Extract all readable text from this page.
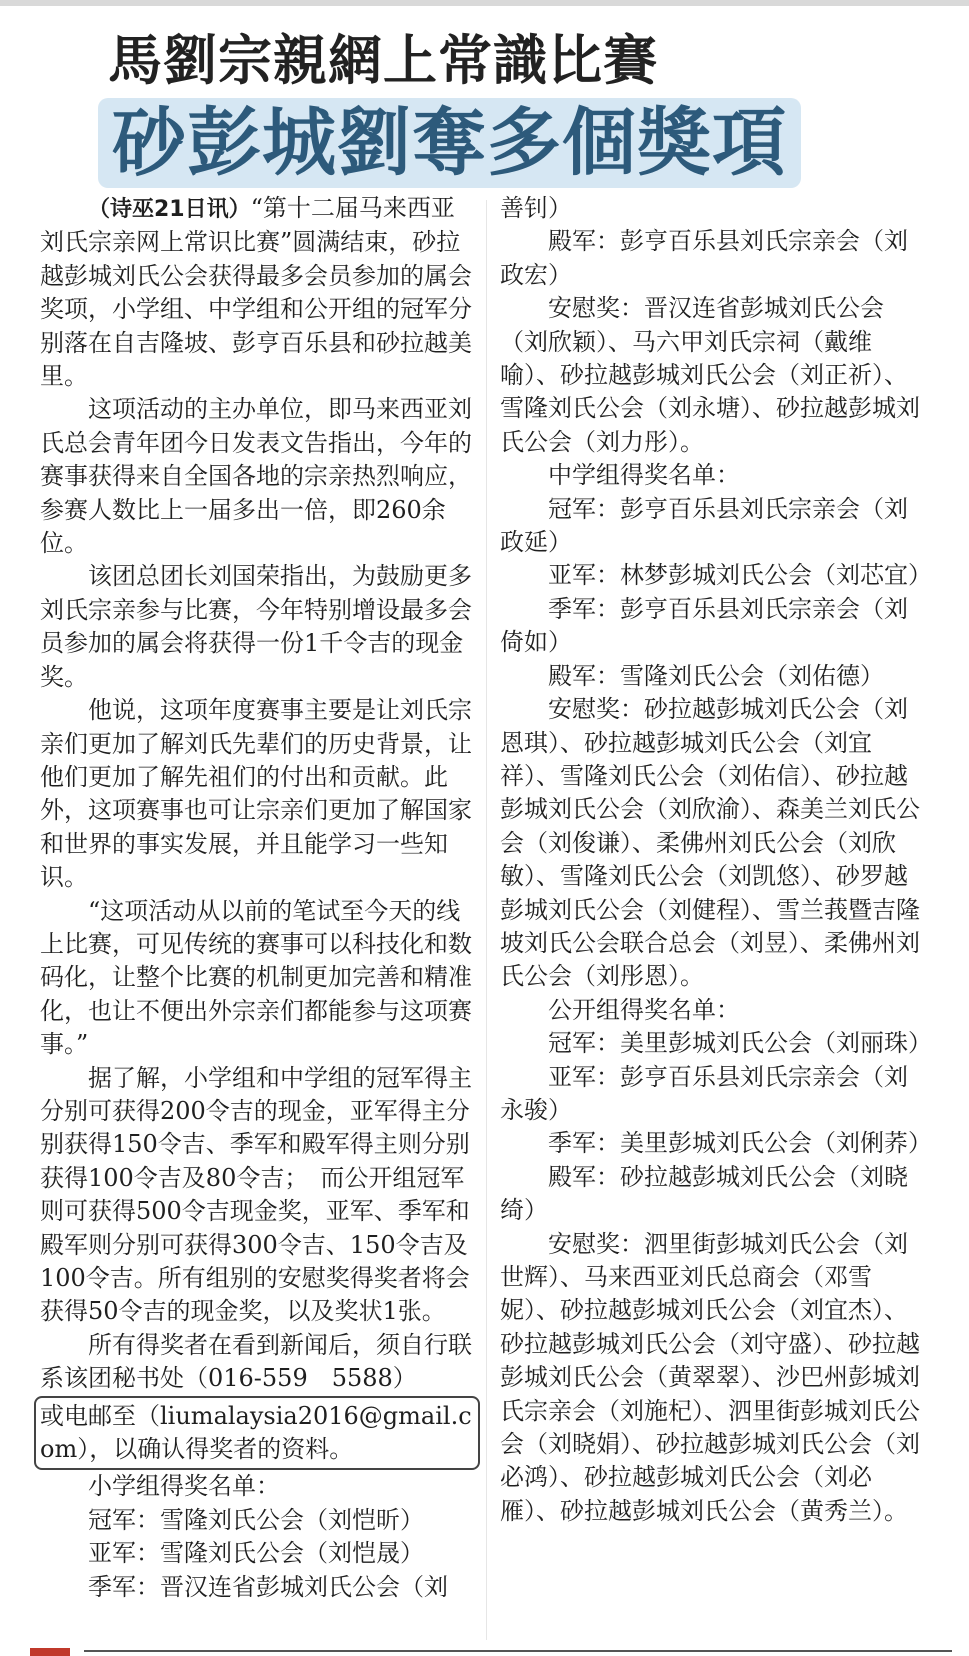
馬劉宗親網上常識比賽
砂彭城劉奪多個獎項

（诗巫21日讯）“第十二届马来西亚刘氏宗亲网上常识比赛”圆满结束，砂拉越彭城刘氏公会获得最多会员参加的属会奖项，小学组、中学组和公开组的冠军分别落在自吉隆坡、彭亨百乐县和砂拉越美里。

这项活动的主办单位，即马来西亚刘氏总会青年团今日发表文告指出，今年的赛事获得来自全国各地的宗亲热烈响应，参赛人数比上一届多出一倍，即260余位。

该团总团长刘国荣指出，为鼓励更多刘氏宗亲参与比赛，今年特别增设最多会员参加的属会将获得一份1千令吉的现金奖。

他说，这项年度赛事主要是让刘氏宗亲们更加了解刘氏先辈们的历史背景，让他们更加了解先祖们的付出和贡献。此外，这项赛事也可让宗亲们更加了解国家和世界的事实发展，并且能学习一些知识。

“这项活动从以前的笔试至今天的线上比赛，可见传统的赛事可以科技化和数码化，让整个比赛的机制更加完善和精准化，也让不便出外宗亲们都能参与这项赛事。”

据了解，小学组和中学组的冠军得主分别可获得200令吉的现金，亚军得主分别获得150令吉、季军和殿军得主则分别获得100令吉及80令吉；　而公开组冠军则可获得500令吉现金奖，亚军、季军和殿军则分别可获得300令吉、150令吉及100令吉。所有组别的安慰奖得奖者将会获得50令吉的现金奖，以及奖状1张。

所有得奖者在看到新闻后，须自行联系该团秘书处（016-559　5588）

或电邮至（liumalaysia2016@gmail.com），以确认得奖者的资料。

小学组得奖名单：

冠军：雪隆刘氏公会（刘恺昕）

亚军：雪隆刘氏公会（刘恺晟）

季军：晋汉连省彭城刘氏公会（刘

善钊）

殿军：彭亨百乐县刘氏宗亲会（刘政宏）

安慰奖：晋汉连省彭城刘氏公会（刘欣颖）、马六甲刘氏宗祠（戴维喻）、砂拉越彭城刘氏公会（刘正祈）、雪隆刘氏公会（刘永塘）、砂拉越彭城刘氏公会（刘力彤）。

中学组得奖名单：

冠军：彭亨百乐县刘氏宗亲会（刘政延）

亚军：林梦彭城刘氏公会（刘芯宜）

季军：彭亨百乐县刘氏宗亲会（刘倚如）

殿军：雪隆刘氏公会（刘佑德）

安慰奖：砂拉越彭城刘氏公会（刘恩琪）、砂拉越彭城刘氏公会（刘宜祥）、雪隆刘氏公会（刘佑信）、砂拉越彭城刘氏公会（刘欣渝）、森美兰刘氏公会（刘俊谦）、柔佛州刘氏公会（刘欣敏）、雪隆刘氏公会（刘凯悠）、砂罗越彭城刘氏公会（刘健程）、雪兰莪暨吉隆坡刘氏公会联合总会（刘昱）、柔佛州刘氏公会（刘彤恩）。

公开组得奖名单：

冠军：美里彭城刘氏公会（刘丽珠）

亚军：彭亨百乐县刘氏宗亲会（刘永骏）

季军：美里彭城刘氏公会（刘俐荞）

殿军：砂拉越彭城刘氏公会（刘晓绮）

安慰奖：泗里街彭城刘氏公会（刘世辉）、马来西亚刘氏总商会（邓雪妮）、砂拉越彭城刘氏公会（刘宜杰）、砂拉越彭城刘氏公会（刘守盛）、砂拉越彭城刘氏公会（黄翠翠）、沙巴州彭城刘氏宗亲会（刘施杞）、泗里街彭城刘氏公会（刘晓娟）、砂拉越彭城刘氏公会（刘必鸿）、砂拉越彭城刘氏公会（刘必雁）、砂拉越彭城刘氏公会（黄秀兰）。
